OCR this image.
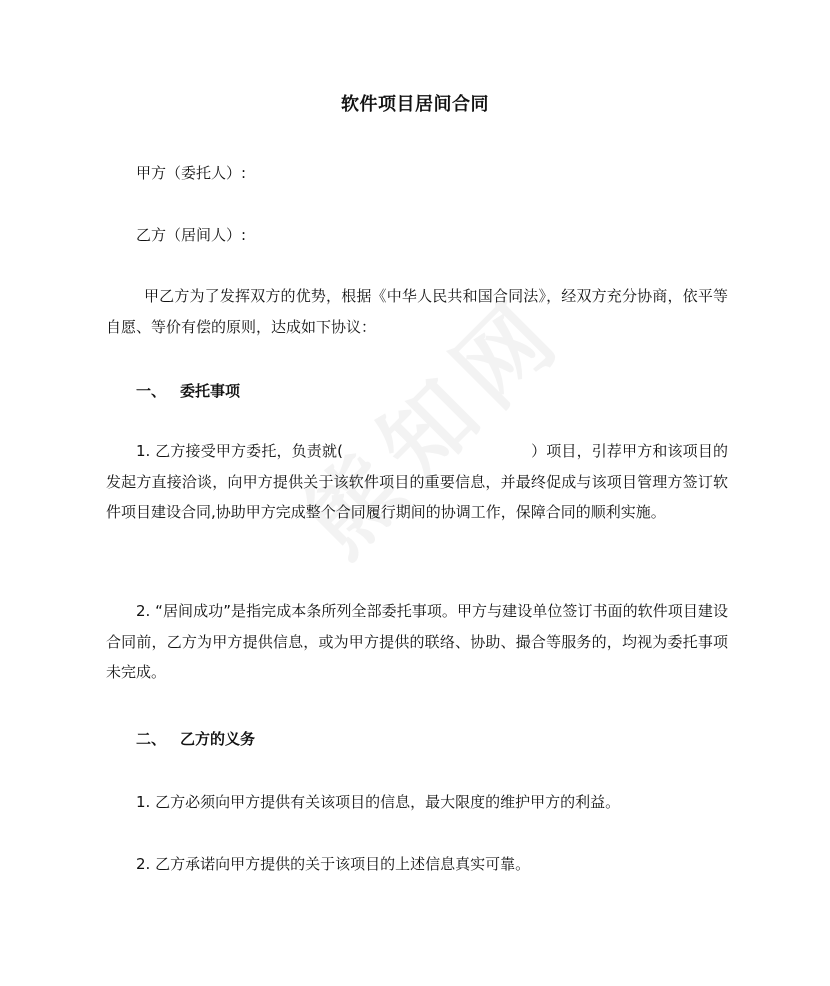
软件项目居间合同
甲方（委托人）:
乙方（居间人）:
甲乙方为了发挥双方的优势，根据《中华人民共和国合同法》，经双方充分协商，依平等自愿、等价有偿的原则，达成如下协议：
一、 委托事项
1. 乙方接受甲方委托，负责就(	）项目，引荐甲方和该项目的发起方直接洽谈，向甲方提供关于该软件项目的重要信息，并最终促成与该项目管理方签订软件项目建设合同,协助甲方完成整个合同履行期间的协调工作，保障合同的顺利实施。
2. “居间成功”是指完成本条所列全部委托事项。甲方与建设单位签订书面的软件项目建设合同前，乙方为甲方提供信息，或为甲方提供的联络、协助、撮合等服务的，均视为委托事项未完成。
二、 乙方的义务
1. 乙方必须向甲方提供有关该项目的信息，最大限度的维护甲方的利益。
2. 乙方承诺向甲方提供的关于该项目的上述信息真实可靠。
